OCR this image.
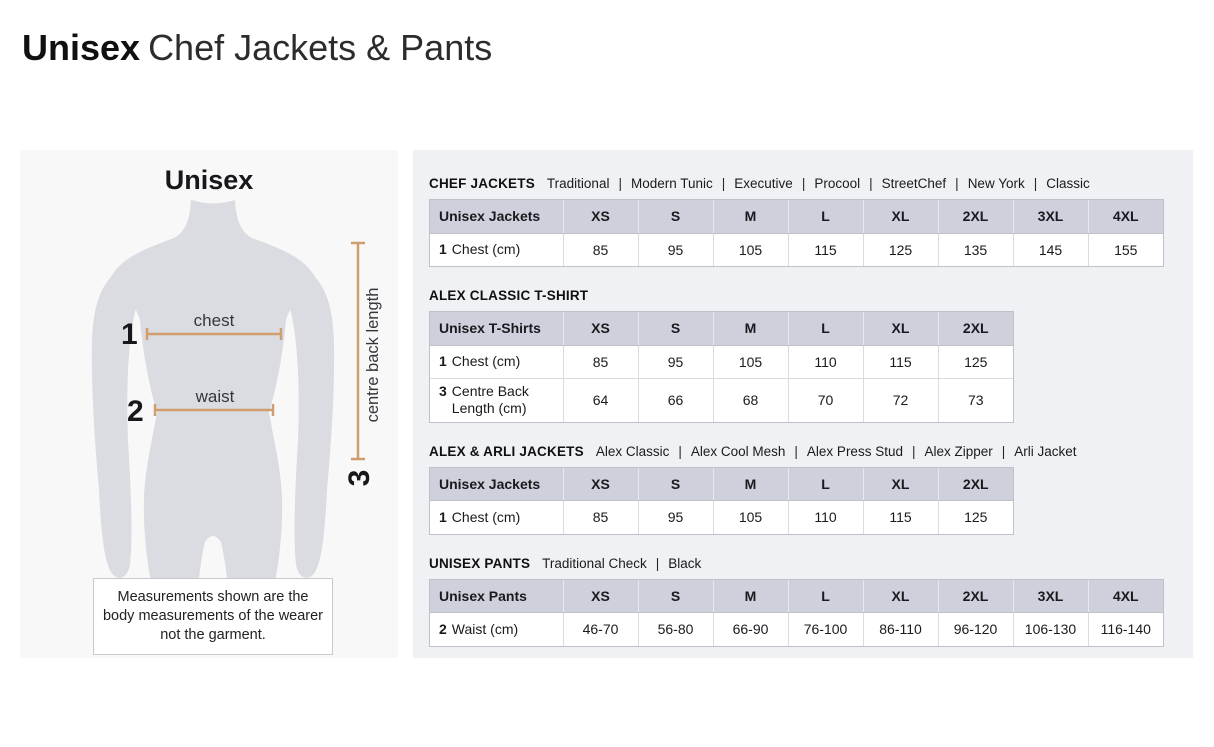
Unisex Chef Jackets & Pants
Unisex
1	chest
2	waist	centre back length
3
Measurements shown are the body measurements of the wearer not the garment.
CHEF JACKETS Traditional | Modern Tunic | Executive | Procool | StreetChef | New York | Classic
Unisex Jackets	XS	S	M	L	XL	2XL	3XL	4XL

1 Chest (cm)	85	95	105	115	125	135	145	155
ALEX CLASSIC T-SHIRT
Unisex T-Shirts	XS	S	M	L	XL	2XL

1 Chest (cm)	85	95	105	110	115	125

3 Centre Back Length (cm)	64	66	68	70	72	73
ALEX & ARLI JACKETS Alex Classic | Alex Cool Mesh | Alex Press Stud | Alex Zipper | Arli Jacket
Unisex Jackets	XS	S	M	L	XL	2XL

1 Chest (cm)	85	95	105	110	115	125
UNISEX PANTS Traditional Check | Black
Unisex Pants	XS	S	M	L	XL	2XL	3XL	4XL

2 Waist (cm)	46-70	56-80	66-90	76-100	86-110	96-120	106-130	116-140
